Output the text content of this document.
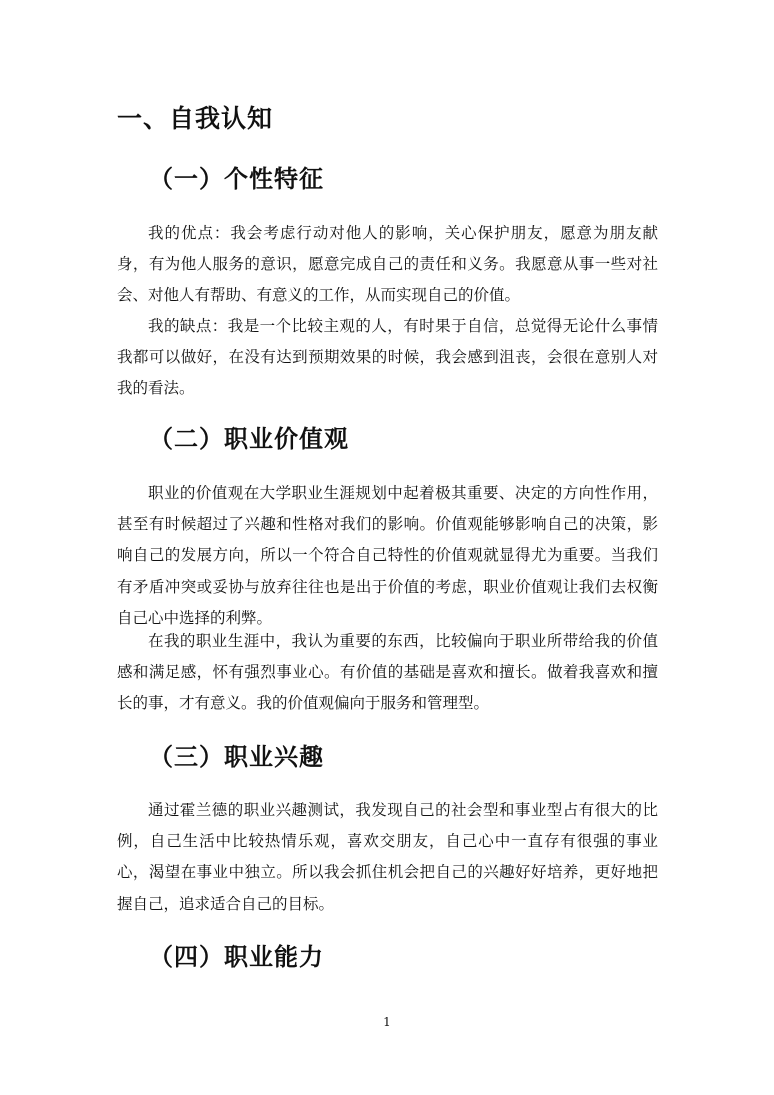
一、自我认知
（一）个性特征

我的优点：我会考虑行动对他人的影响，关心保护朋友，愿意为朋友献身，有为他人服务的意识，愿意完成自己的责任和义务。我愿意从事一些对社会、对他人有帮助、有意义的工作，从而实现自己的价值。

我的缺点：我是一个比较主观的人，有时果于自信，总觉得无论什么事情我都可以做好，在没有达到预期效果的时候，我会感到沮丧，会很在意别人对我的看法。

（二）职业价值观

职业的价值观在大学职业生涯规划中起着极其重要、决定的方向性作用，甚至有时候超过了兴趣和性格对我们的影响。价值观能够影响自己的决策，影响自己的发展方向，所以一个符合自己特性的价值观就显得尤为重要。当我们有矛盾冲突或妥协与放弃往往也是出于价值的考虑，职业价值观让我们去权衡自己心中选择的利弊。

在我的职业生涯中，我认为重要的东西，比较偏向于职业所带给我的价值感和满足感，怀有强烈事业心。有价值的基础是喜欢和擅长。做着我喜欢和擅长的事，才有意义。我的价值观偏向于服务和管理型。

（三）职业兴趣

通过霍兰德的职业兴趣测试，我发现自己的社会型和事业型占有很大的比例，自己生活中比较热情乐观，喜欢交朋友，自己心中一直存有很强的事业心，渴望在事业中独立。所以我会抓住机会把自己的兴趣好好培养，更好地把握自己，追求适合自己的目标。

（四）职业能力
1
